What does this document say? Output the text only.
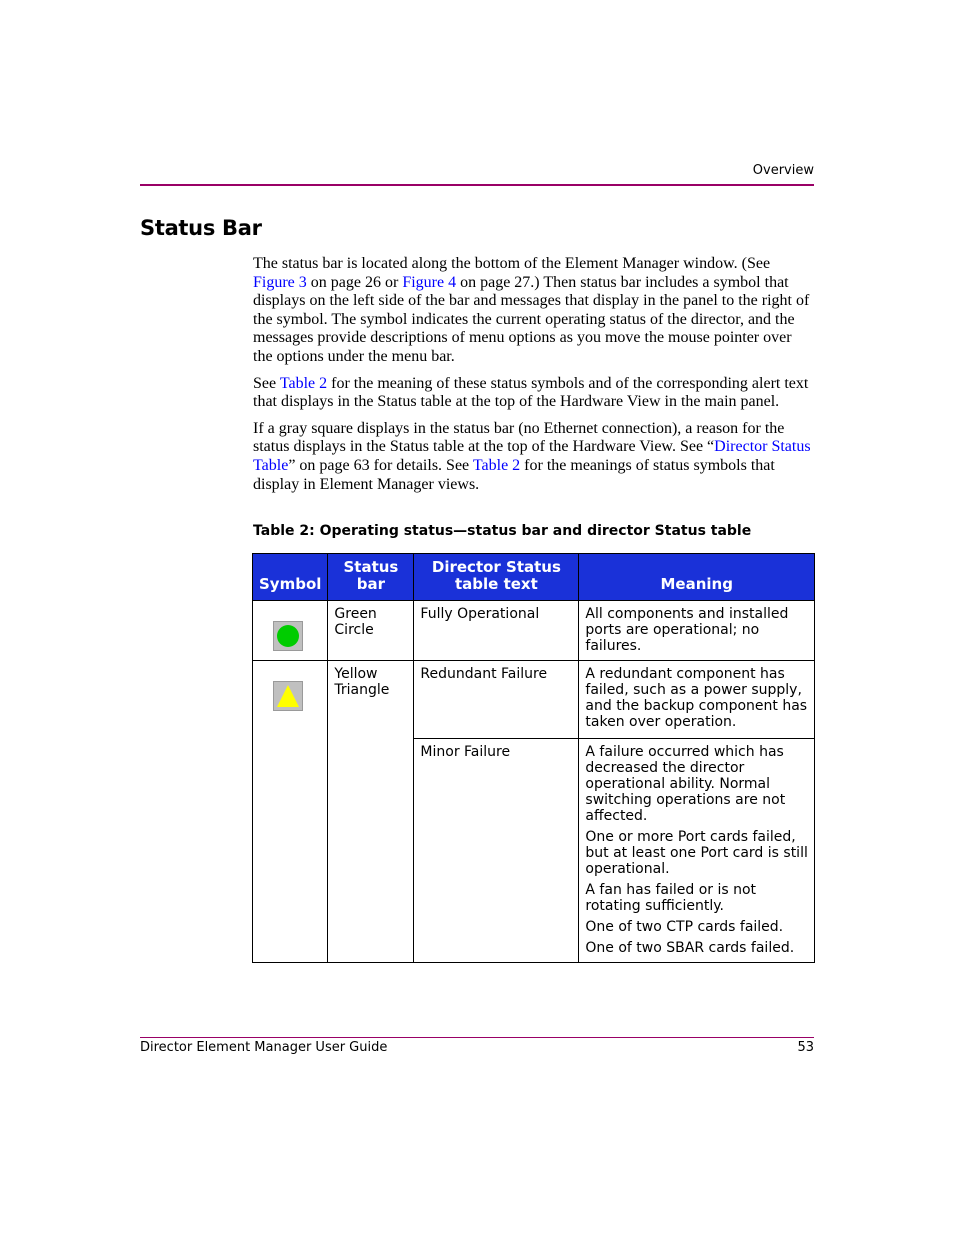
Overview
Status Bar

The status bar is located along the bottom of the Element Manager window. (See Figure 3 on page 26 or Figure 4 on page 27.) Then status bar includes a symbol that displays on the left side of the bar and messages that display in the panel to the right of the symbol. The symbol indicates the current operating status of the director, and the messages provide descriptions of menu options as you move the mouse pointer over the options under the menu bar.

See Table 2 for the meaning of these status symbols and of the corresponding alert text that displays in the Status table at the top of the Hardware View in the main panel.

If a gray square displays in the status bar (no Ethernet connection), a reason for the status displays in the Status table at the top of the Hardware View. See “Director Status Table” on page 63 for details. See Table 2 for the meanings of status symbols that display in Element Manager views.

Table 2: Operating status—status bar and director Status table
Symbol	Status bar	Director Status table text	Meaning

	Green Circle	Fully Operational	All components and installed ports are operational; no failures.

	Yellow Triangle	Redundant Failure	A redundant component has failed, such as a power supply, and the backup component has taken over operation.

		Minor Failure	A failure occurred which has decreased the director operational ability. Normal switching operations are not affected.

One or more Port cards failed, but at least one Port card is still operational.

A fan has failed or is not rotating sufficiently.

One of two CTP cards failed.

One of two SBAR cards failed.

Director Element Manager User Guide	53
